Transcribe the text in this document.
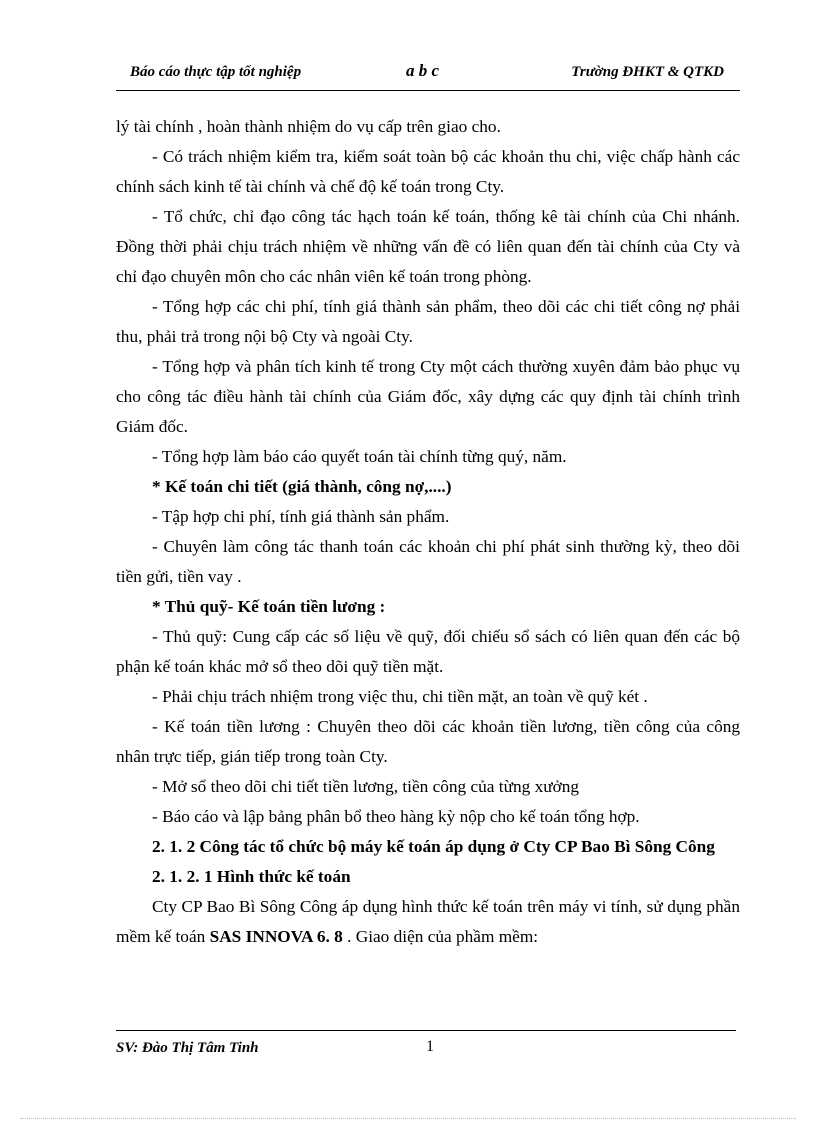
Báo cáo thực tập tốt nghiệp	a b c	Trường ĐHKT & QTKD

lý tài chính , hoàn thành nhiệm do vụ cấp trên giao cho.

- Có trách nhiệm kiểm tra, kiểm soát toàn bộ các khoản thu chi, việc chấp hành các chính sách kinh tế tài chính và chế độ kế toán trong Cty.

- Tổ chức, chỉ đạo công tác hạch toán kế toán, thống kê tài chính của Chi nhánh. Đồng thời phải chịu trách nhiệm về những vấn đề có liên quan đến tài chính của Cty và chỉ đạo chuyên môn cho các nhân viên kế toán trong phòng.

- Tổng hợp các chi phí, tính giá thành sản phẩm, theo dõi các chi tiết công nợ phải thu, phải trả trong nội bộ Cty và ngoài Cty.

- Tổng hợp và phân tích kinh tế trong Cty một cách thường xuyên đảm bảo phục vụ cho công tác điều hành tài chính của Giám đốc, xây dựng các quy định tài chính trình Giám đốc.

- Tổng hợp làm báo cáo quyết toán tài chính từng quý, năm.

* Kế toán chi tiết (giá thành, công nợ,....)

- Tập hợp chi phí, tính giá thành sản phẩm.

- Chuyên làm công tác thanh toán các khoản chi phí phát sinh thường kỳ, theo dõi tiền gửi, tiền vay .

* Thủ quỹ- Kế toán tiền lương :

- Thủ quỹ: Cung cấp các số liệu về quỹ, đối chiếu sổ sách có liên quan đến các bộ phận kế toán khác mở sổ theo dõi quỹ tiền mặt.

- Phải chịu trách nhiệm trong việc thu, chi tiền mặt, an toàn về quỹ két .

- Kế toán tiền lương : Chuyên theo dõi các khoản tiền lương, tiền công của công nhân trực tiếp, gián tiếp trong toàn Cty.

- Mở sổ theo dõi chi tiết tiền lương, tiền công của từng xưởng

- Báo cáo và lập bảng phân bổ theo hàng kỳ nộp cho kế toán tổng hợp.

2. 1. 2 Công tác tổ chức bộ máy kế toán áp dụng ở Cty CP Bao Bì Sông Công

2. 1. 2. 1 Hình thức kế toán

Cty CP Bao Bì Sông Công áp dụng hình thức kế toán trên máy vi tính, sử dụng phần mềm kế toán SAS INNOVA 6. 8 . Giao diện của phầm mềm:

SV: Đào Thị Tâm Tinh	1
